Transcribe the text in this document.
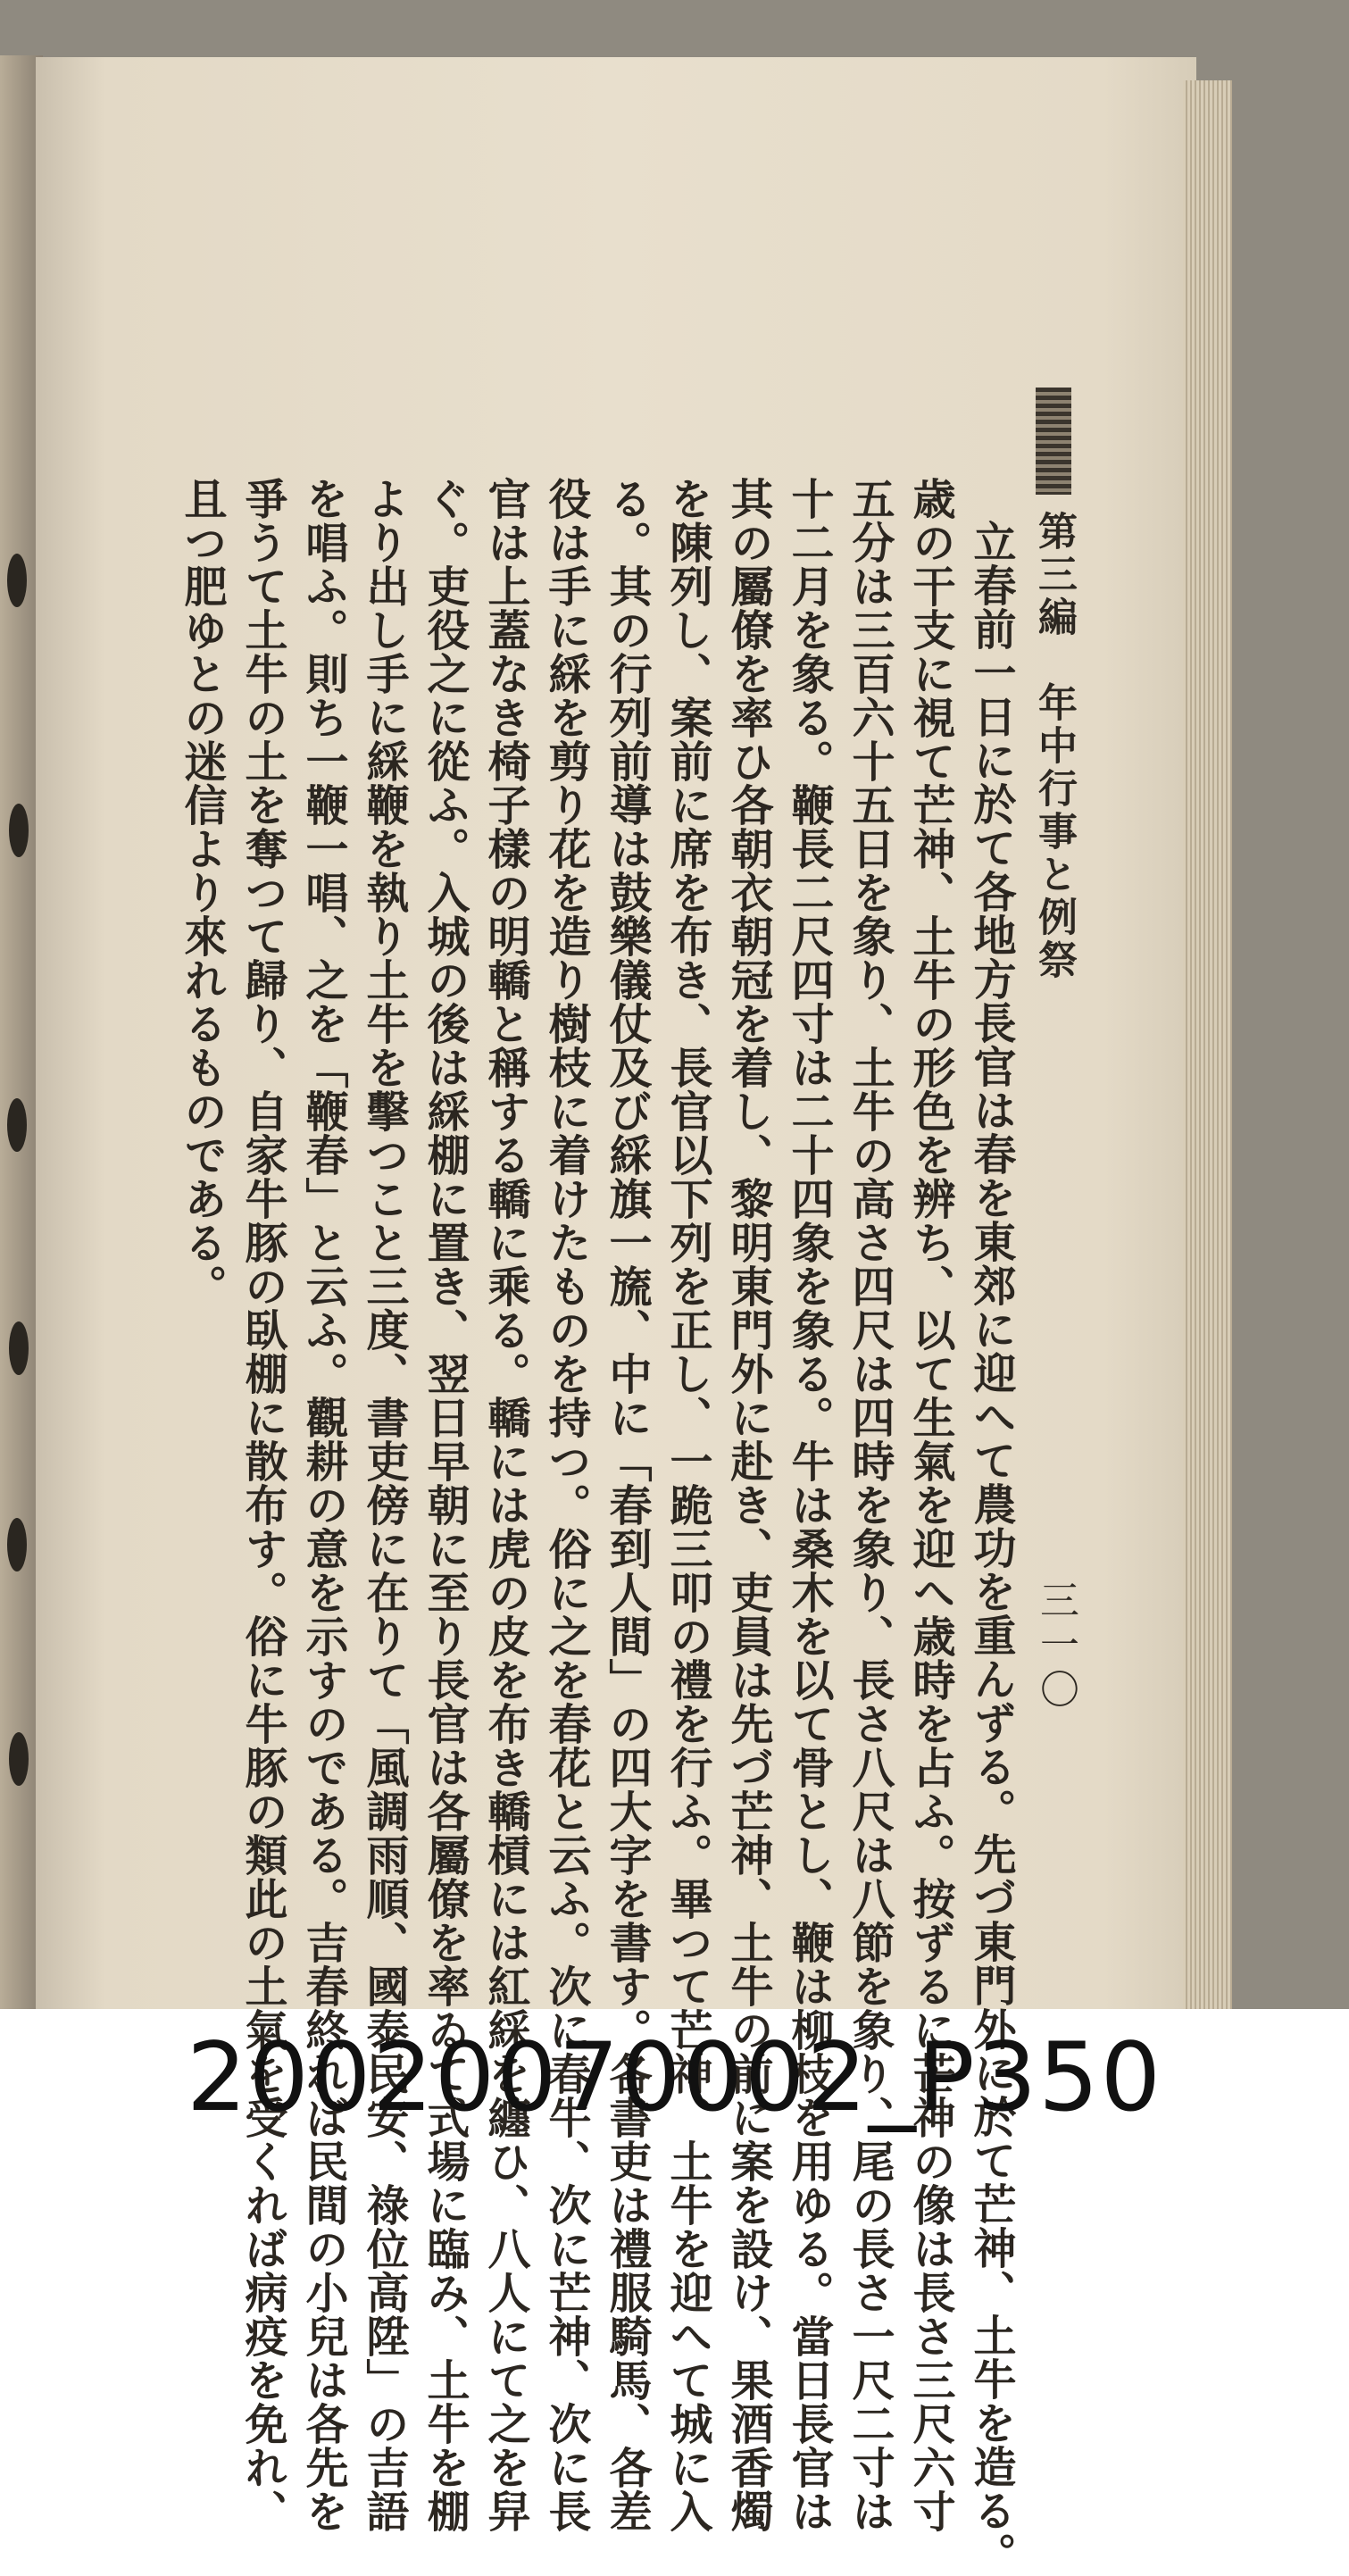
第三編　年中行事と例祭
三一〇
立春前一日に於て各地方長官は春を東郊に迎へて農功を重んずる。先づ東門外に於て芒神、土牛を造る。
歳の干支に視て芒神、土牛の形色を辨ち、以て生氣を迎へ歳時を占ふ。按ずるに芒神の像は長さ三尺六寸
五分は三百六十五日を象り、土牛の高さ四尺は四時を象り、長さ八尺は八節を象り、尾の長さ一尺二寸は
十二月を象る。鞭長二尺四寸は二十四象を象る。牛は桑木を以て骨とし、鞭は柳枝を用ゆる。當日長官は
其の屬僚を率ひ各朝衣朝冠を着し、黎明東門外に赴き、吏員は先づ芒神、土牛の前に案を設け、果酒香燭
を陳列し、案前に席を布き、長官以下列を正し、一跪三叩の禮を行ふ。畢つて芒神、土牛を迎へて城に入
る。其の行列前導は鼓樂儀仗及び綵旗一旒、中に「春到人間」の四大字を書す。各書吏は禮服騎馬、各差
役は手に綵を剪り花を造り樹枝に着けたものを持つ。俗に之を春花と云ふ。次に春牛、次に芒神、次に長
官は上蓋なき椅子樣の明轎と稱する轎に乘る。轎には虎の皮を布き轎槓には紅綵を纏ひ、八人にて之を舁
ぐ。吏役之に從ふ。入城の後は綵棚に置き、翌日早朝に至り長官は各屬僚を率ゐて式場に臨み、土牛を棚
より出し手に綵鞭を執り土牛を擊つこと三度、書吏傍に在りて「風調雨順、國泰民安、祿位高陞」の吉語
を唱ふ。則ち一鞭一唱、之を「鞭春」と云ふ。觀耕の意を示すのである。吉春終れば民間の小兒は各先を
爭うて土牛の土を奪つて歸り、自家牛豚の臥棚に散布す。俗に牛豚の類此の土氣を受くれば病疫を免れ、
且つ肥ゆとの迷信より來れるものである。
20020070002_P350
